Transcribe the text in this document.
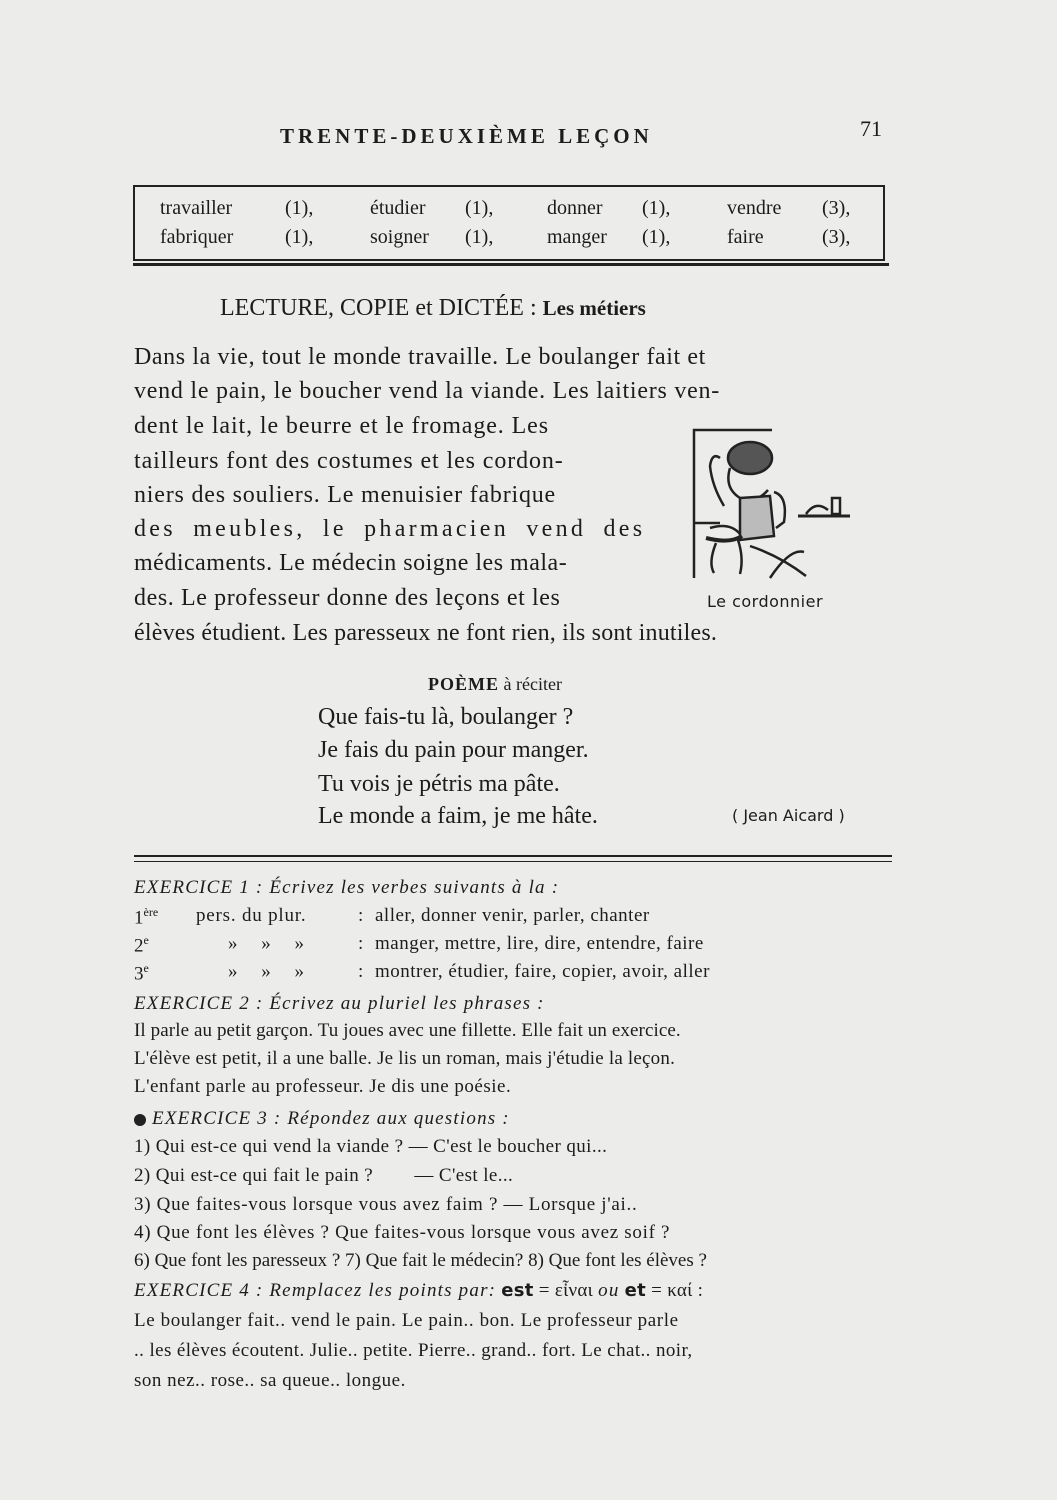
TRENTE-DEUXIÈME LEÇON	71
travailler	(1),	étudier (1),	donner (1),	vendre (3),
fabriquer	(1),	soigner (1),	manger (1),	faire	(3),
LECTURE, COPIE et DICTÉE : Les métiers
Dans la vie, tout le monde travaille. Le boulanger fait et
vend le pain, le boucher vend la viande. Les laitiers ven-
dent le lait, le beurre et le fromage. Les
tailleurs font des costumes et les cordon-
niers des souliers. Le menuisier fabrique
des meubles, le pharmacien vend des
médicaments. Le médecin soigne les mala-
des. Le professeur donne des leçons et les
élèves étudient. Les paresseux ne font rien, ils sont inutiles.
Le cordonnier
POÈME à réciter
Que fais-tu là, boulanger ?
Je fais du pain pour manger.
Tu vois je pétris ma pâte.
Le monde a faim, je me hâte.	( Jean Aicard )
EXERCICE 1 : Écrivez les verbes suivants à la :
1ère pers. du plur.	: aller, donner venir, parler, chanter
2e	»     »     »	: manger, mettre, lire, dire, entendre, faire
3e	»     »     »	: montrer, étudier, faire, copier, avoir, aller
EXERCICE 2 : Écrivez au pluriel les phrases :
Il parle au petit garçon. Tu joues avec une fillette. Elle fait un exercice.
L'élève est petit, il a une balle. Je lis un roman, mais j'étudie la leçon.
L'enfant parle au professeur. Je dis une poésie.
EXERCICE 3 : Répondez aux questions :
1) Qui est-ce qui vend la viande ? — C'est le boucher qui...
2) Qui est-ce qui fait le pain ?        — C'est le...
3) Que faites-vous lorsque vous avez faim ? — Lorsque j'ai..
4) Que font les élèves ? Que faites-vous lorsque vous avez soif ?
6) Que font les paresseux ? 7) Que fait le médecin? 8) Que font les élèves ?
EXERCICE 4 : Remplacez les points par: est = εἶναι ou et = καί :
Le boulanger fait.. vend le pain. Le pain.. bon. Le professeur parle
.. les élèves écoutent. Julie.. petite. Pierre.. grand.. fort. Le chat.. noir,
son nez.. rose.. sa queue.. longue.
